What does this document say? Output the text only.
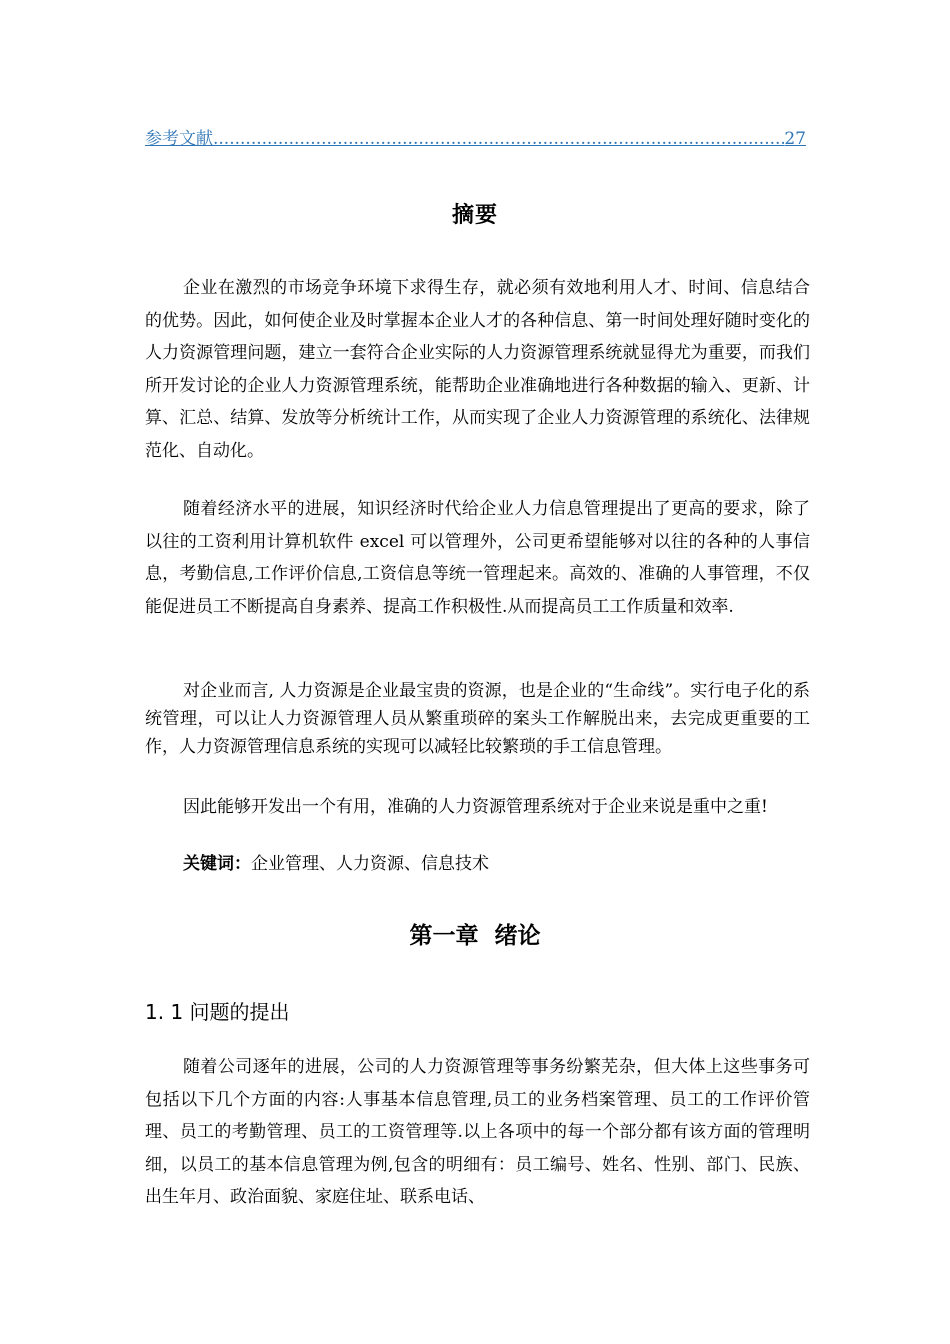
参考文献
.....	27
摘要

企业在激烈的市场竞争环境下求得生存，就必须有效地利用人才、时间、信息结合的优势。因此，如何使企业及时掌握本企业人才的各种信息、第一时间处理好随时变化的人力资源管理问题，建立一套符合企业实际的人力资源管理系统就显得尤为重要，而我们所开发讨论的企业人力资源管理系统，能帮助企业准确地进行各种数据的输入、更新、计算、汇总、结算、发放等分析统计工作，从而实现了企业人力资源管理的系统化、法律规范化、自动化。

随着经济水平的进展，知识经济时代给企业人力信息管理提出了更高的要求，除了以往的工资利用计算机软件 excel 可以管理外，公司更希望能够对以往的各种的人事信息，考勤信息,工作评价信息,工资信息等统一管理起来。高效的、准确的人事管理，不仅能促进员工不断提高自身素养、提高工作积极性.从而提高员工工作质量和效率.

对企业而言, 人力资源是企业最宝贵的资源，也是企业的“生命线”。实行电子化的系统管理，可以让人力资源管理人员从繁重琐碎的案头工作解脱出来，去完成更重要的工作，人力资源管理信息系统的实现可以减轻比较繁琐的手工信息管理。

因此能够开发出一个有用，准确的人力资源管理系统对于企业来说是重中之重!

关键词：企业管理、人力资源、信息技术

第一章  绪论
1. 1 问题的提出

随着公司逐年的进展，公司的人力资源管理等事务纷繁芜杂，但大体上这些事务可包括以下几个方面的内容:人事基本信息管理,员工的业务档案管理、员工的工作评价管理、员工的考勤管理、员工的工资管理等.以上各项中的每一个部分都有该方面的管理明细，以员工的基本信息管理为例,包含的明细有：员工编号、姓名、性别、部门、民族、出生年月、政治面貌、家庭住址、联系电话、
